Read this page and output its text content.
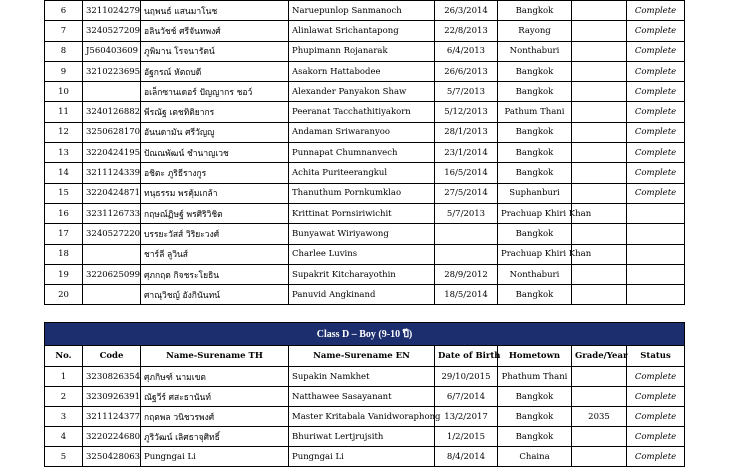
6	3211024279	นฤพนธ์ แสนมาโนช	Naruepunlop Sanmanoch	26/3/2014	Bangkok		Complete
7	3240527209	อลินวัชช์ ศรีจันทพงศ์	Alinlawat Srichantapong	22/8/2013	Rayong		Complete
8	J560403609	ภูพิมาน โรจนารัตน์	Phupimann Rojanarak	6/4/2013	Nonthaburi		Complete
9	3210223695	อัฐกรณ์ หัตถบดี	Asakorn Hattabodee	26/6/2013	Bangkok		Complete
10		อเล็กซานเดอร์ ปัญญากร ชอว์	Alexander Panyakon Shaw	5/7/2013	Bangkok		Complete
11	3240126882	พีรณัฐ เตชทิติยากร	Peeranat Tacchathitiyakorn	5/12/2013	Pathum Thani		Complete
12	3250628170	อันนดามัน ศรีวัญญู	Andaman Sriwaranyoo	28/1/2013	Bangkok		Complete
13	3220424195	ปัณณพัฒน์ ชำนาญเวช	Punnapat Chumnanvech	23/1/2014	Bangkok		Complete
14	3211124339	อชิตะ ภูริธีรางกูร	Achita Puriteerangkul	16/5/2014	Bangkok		Complete
15	3220424871	ทนุธรรม พรคุ้มเกล้า	Thanuthum Pornkumklao	27/5/2014	Suphanburi		Complete
16	3231126733	กฤษณ์ฏิษฐ์ พรศิริวิชิต	Krittinat Pornsiriwichit	5/7/2013	Prachuap Khiri Khan		
17	3240527220	บรรยะวัสส์ วิริยะวงศ์	Bunyawat Wiriyawong		Bangkok		
18		ชาร์ลี ลูวินส์	Charlee Luvins		Prachuap Khiri Khan		
19	3220625099	ศุภกฤต กิจชระโยธิน	Supakrit Kitcharayothin	28/9/2012	Nonthaburi		
20		ศาณุวิชญ์ อังกินันทน์	Panuvid Angkinand	18/5/2014	Bangkok		
Class D – Boy (9-10 ปี)							
No.	Code	Name-Surename TH	Name-Surename EN	Date of Birth	Hometown	Grade/Year	Status
1	3230826354	ศุภกิษฑ์ นามเขต	Supakin Namkhet	29/10/2015	Phathum Thani		Complete
2	3230926391	ณัฐวีร์ ศสะธานันท์	Natthawee Sasayanant	6/7/2014	Bangkok		Complete
3	3211124377	กฤตพล วนิชวรพงศ์	Master Kritabala Vanidworaphong	13/2/2017	Bangkok	2035	Complete
4	3220224680	ภูริวัฒน์ เลิศธาจุศิทธิ์	Bhuriwat Lertjrujsith	1/2/2015	Bangkok		Complete
5	3250428063	Pungngai Li	Pungngai Li	8/4/2014	Chaina		Complete
